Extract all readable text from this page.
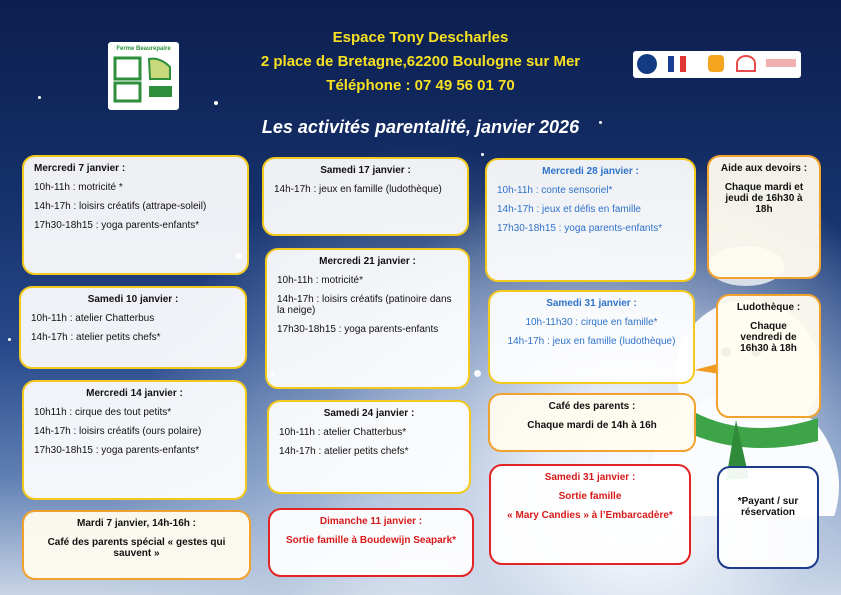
Ferme Beaurepaire
Espace Tony Descharles
2 place de Bretagne,62200 Boulogne sur Mer
Téléphone : 07 49 56 01 70
Les activités parentalité, janvier 2026
Mercredi 7 janvier :
10h-11h : motricité *
14h-17h : loisirs créatifs (attrape-soleil)
17h30-18h15 : yoga parents-enfants*
Samedi 10 janvier :
10h-11h : atelier Chatterbus
14h-17h : atelier petits chefs*
Mercredi 14 janvier :
10h11h : cirque des tout petits*
14h-17h : loisirs créatifs (ours polaire)
17h30-18h15 : yoga parents-enfants*
Mardi 7 janvier, 14h-16h :
Café des parents spécial « gestes qui sauvent »
Samedi 17 janvier :
14h-17h : jeux en famille (ludothèque)
Mercredi 21 janvier :
10h-11h : motricité*
14h-17h : loisirs créatifs (patinoire dans la neige)
17h30-18h15 : yoga parents-enfants
Samedi 24 janvier :
10h-11h : atelier Chatterbus*
14h-17h : atelier petits chefs*
Dimanche 11 janvier :
Sortie famille à Boudewijn Seapark*
Mercredi 28 janvier :
10h-11h : conte sensoriel*
14h-17h : jeux et défis en famille
17h30-18h15 : yoga parents-enfants*
Samedi 31 janvier :
10h-11h30 : cirque en famille*
14h-17h : jeux en famille (ludothèque)
Café des parents :
Chaque mardi de 14h à 16h
Samedi 31 janvier :
Sortie famille
« Mary Candies » à l’Embarcadère*
Aide aux devoirs :
Chaque mardi et jeudi de 16h30 à 18h
Ludothèque :
Chaque vendredi de 16h30 à 18h
*Payant / sur réservation
